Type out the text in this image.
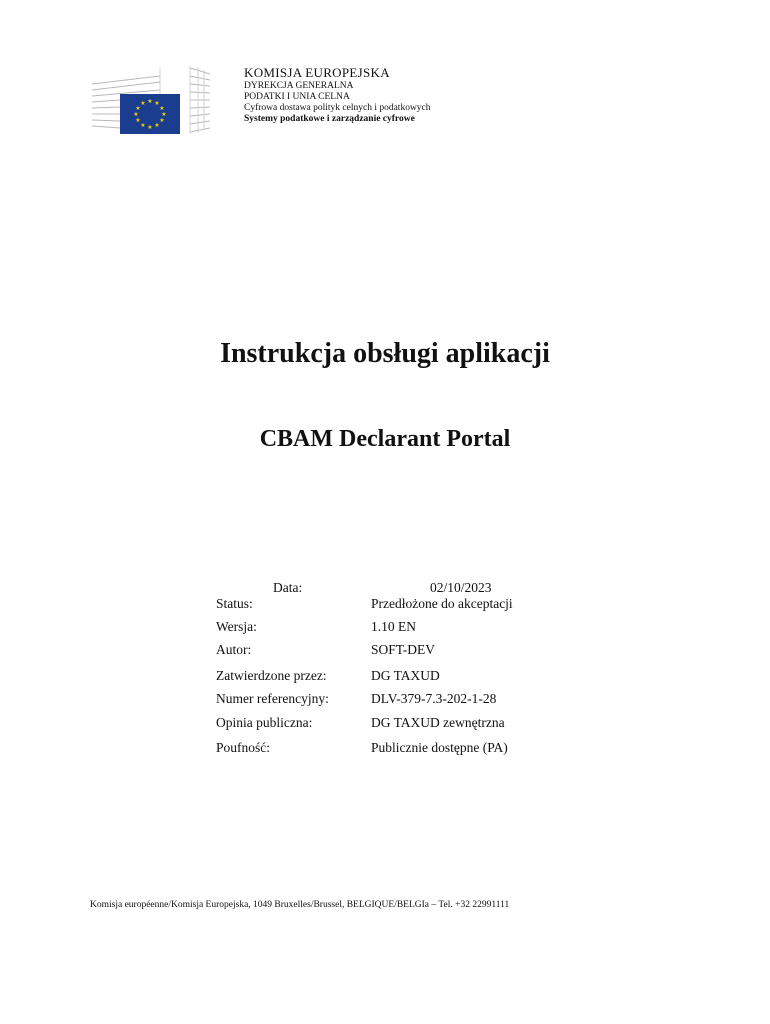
★ ★
★
★
★
★
★
★
★
★
★
★
KOMISJA EUROPEJSKA
DYREKCJA GENERALNA
PODATKI I UNIA CELNA
Cyfrowa dostawa polityk celnych i podatkowych
Systemy podatkowe i zarządzanie cyfrowe
Instrukcja obsługi aplikacji
CBAM Declarant Portal
Data:	02/10/2023
Status:	Przedłożone do akceptacji
Wersja:	1.10 EN
Autor:	SOFT-DEV
Zatwierdzone przez:	DG TAXUD
Numer referencyjny:	DLV-379-7.3-202-1-28
Opinia publiczna:	DG TAXUD zewnętrzna
Poufność:	Publicznie dostępne (PA)
Komisja européenne/Komisja Europejska, 1049 Bruxelles/Brussel, BELGIQUE/BELGIa – Tel. +32 22991111
